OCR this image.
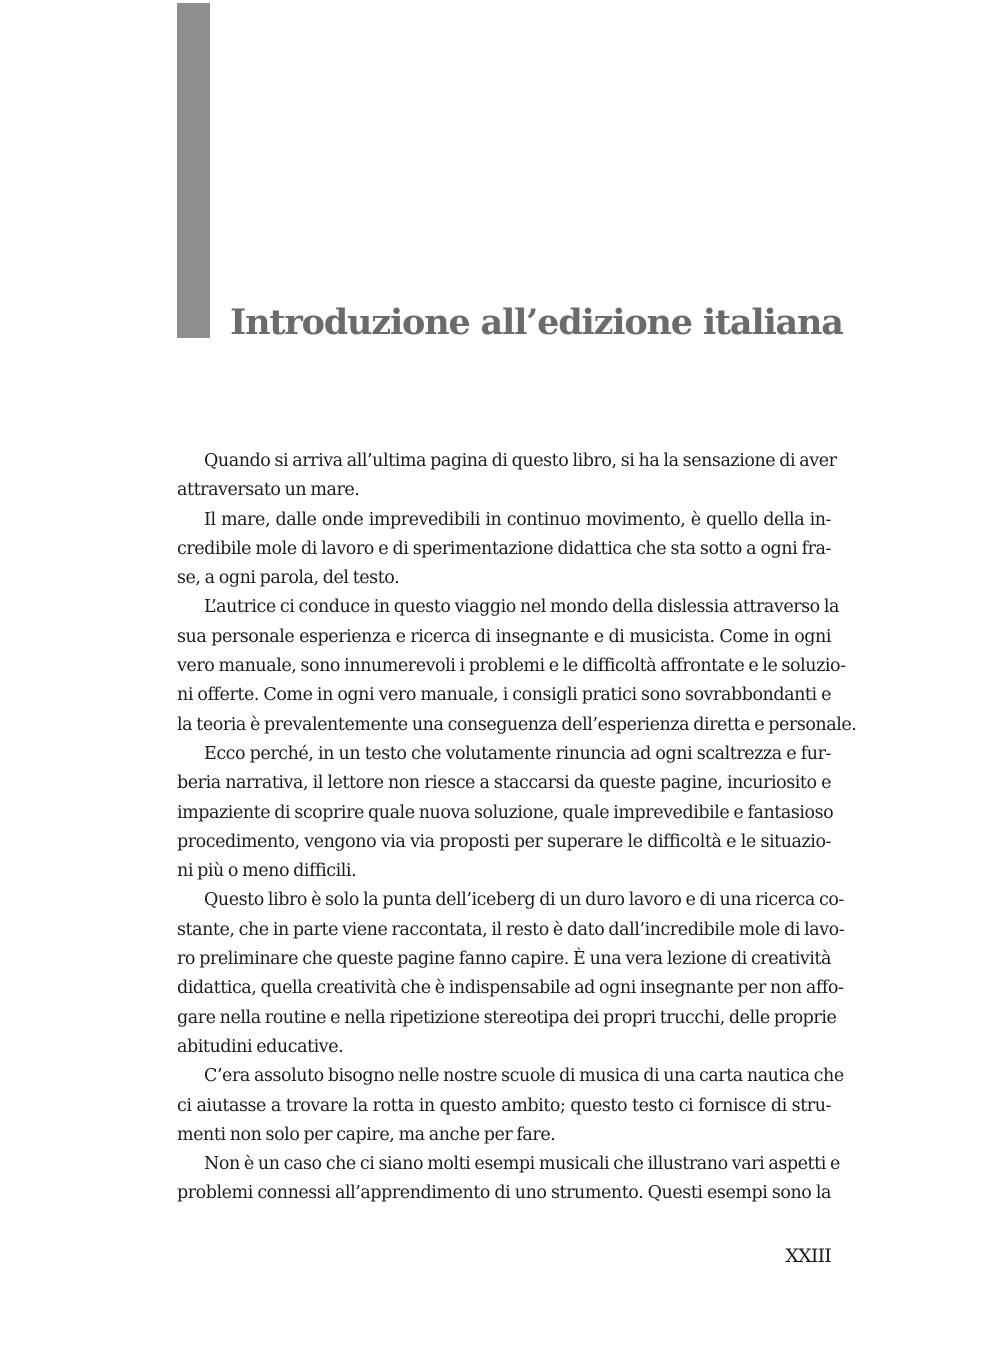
Introduzione all’edizione italiana
Quando si arriva all’ultima pagina di questo libro, si ha la sensazione di aver
attraversato un mare.
Il mare, dalle onde imprevedibili in continuo movimento, è quello della in-
credibile mole di lavoro e di sperimentazione didattica che sta sotto a ogni fra-
se, a ogni parola, del testo.
L’autrice ci conduce in questo viaggio nel mondo della dislessia attraverso la
sua personale esperienza e ricerca di insegnante e di musicista. Come in ogni
vero manuale, sono innumerevoli i problemi e le difficoltà affrontate e le soluzio-
ni offerte. Come in ogni vero manuale, i consigli pratici sono sovrabbondanti e
la teoria è prevalentemente una conseguenza dell’esperienza diretta e personale.
Ecco perché, in un testo che volutamente rinuncia ad ogni scaltrezza e fur-
beria narrativa, il lettore non riesce a staccarsi da queste pagine, incuriosito e
impaziente di scoprire quale nuova soluzione, quale imprevedibile e fantasioso
procedimento, vengono via via proposti per superare le difficoltà e le situazio-
ni più o meno difficili.
Questo libro è solo la punta dell’iceberg di un duro lavoro e di una ricerca co-
stante, che in parte viene raccontata, il resto è dato dall’incredibile mole di lavo-
ro preliminare che queste pagine fanno capire. È una vera lezione di creatività
didattica, quella creatività che è indispensabile ad ogni insegnante per non affo-
gare nella routine e nella ripetizione stereotipa dei propri trucchi, delle proprie
abitudini educative.
C’era assoluto bisogno nelle nostre scuole di musica di una carta nautica che
ci aiutasse a trovare la rotta in questo ambito; questo testo ci fornisce di stru-
menti non solo per capire, ma anche per fare.
Non è un caso che ci siano molti esempi musicali che illustrano vari aspetti e
problemi connessi all’apprendimento di uno strumento. Questi esempi sono la
XXIII
